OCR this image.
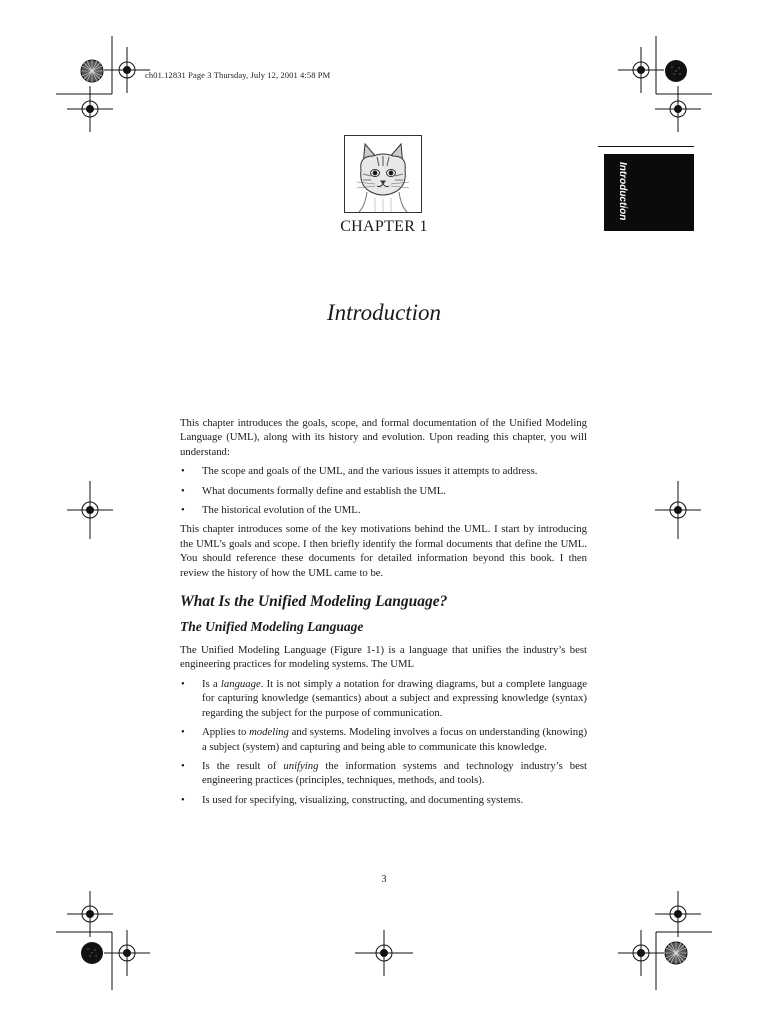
ch01.12831 Page 3 Thursday, July 12, 2001 4:58 PM
Introduction
CHAPTER 1
Introduction

This chapter introduces the goals, scope, and formal documentation of the Unified Modeling Language (UML), along with its history and evolution. Upon reading this chapter, you will understand:

• The scope and goals of the UML, and the various issues it attempts to address.
• What documents formally define and establish the UML.
• The historical evolution of the UML.

This chapter introduces some of the key motivations behind the UML. I start by introducing the UML’s goals and scope. I then briefly identify the formal documents that define the UML. You should reference these documents for detailed information beyond this book. I then review the history of how the UML came to be.

What Is the Unified Modeling Language?
The Unified Modeling Language

The Unified Modeling Language (Figure 1-1) is a language that unifies the industry’s best engineering practices for modeling systems. The UML

• Is a language. It is not simply a notation for drawing diagrams, but a complete language for capturing knowledge (semantics) about a subject and expressing knowledge (syntax) regarding the subject for the purpose of communication.
• Applies to modeling and systems. Modeling involves a focus on understanding (knowing) a subject (system) and capturing and being able to communicate this knowledge.
• Is the result of unifying the information systems and technology industry’s best engineering practices (principles, techniques, methods, and tools).
• Is used for specifying, visualizing, constructing, and documenting systems.
3
